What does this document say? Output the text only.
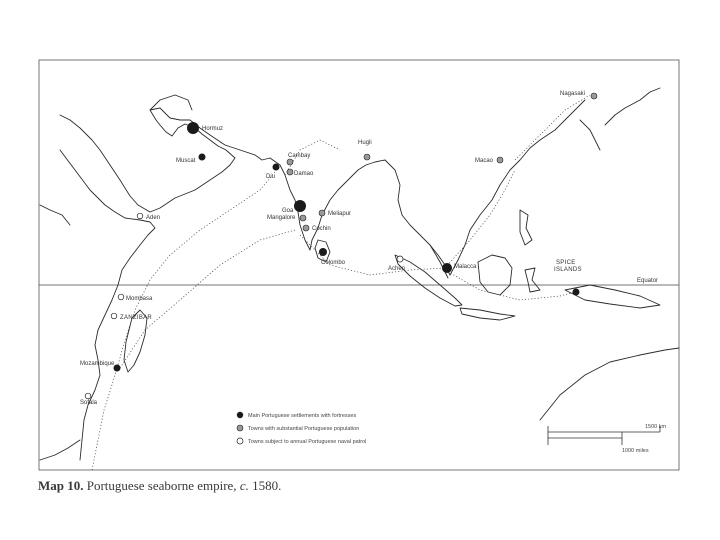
Equator
Hormuz
Muscat
Diu
Cambay
Damao
Hugli
Goa
Mangalore
Meliapur
Cochin
Colombo
Aden
Achen	Malacca
Macao
Nagasaki
Mombasa
ZANZIBAR
Mozambique
Sofala
SPICE
ISLANDS
Main Portuguese settlements with fortresses
Towns with substantial Portuguese population
Towns subject to annual Portuguese naval patrol
1500 km
1000 miles
Map 10. Portuguese seaborne empire, c. 1580.
